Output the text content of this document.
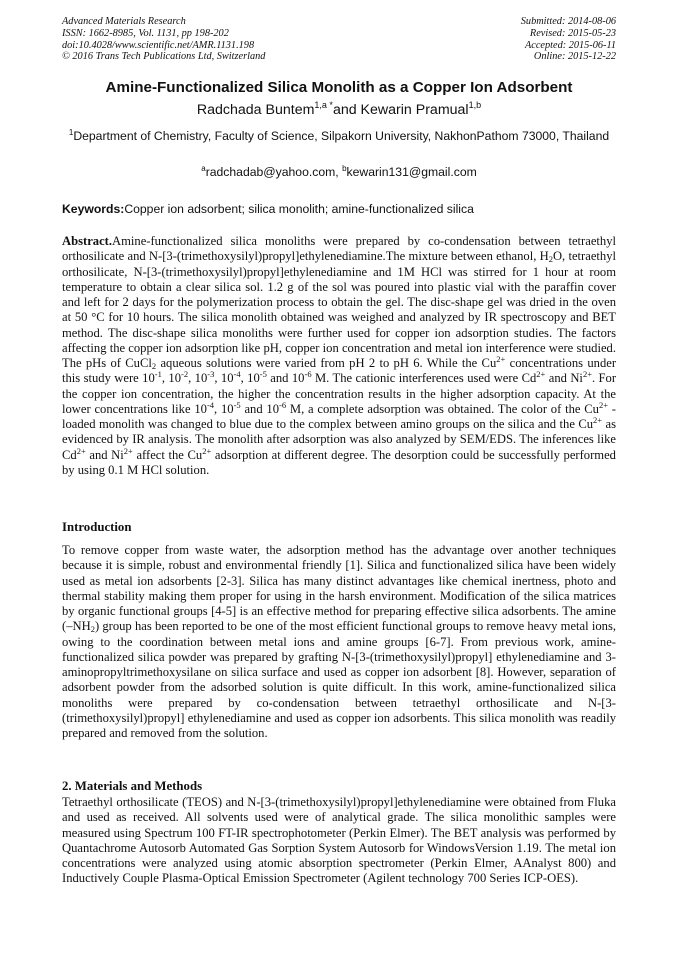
Advanced Materials Research
ISSN: 1662-8985, Vol. 1131, pp 198-202
doi:10.4028/www.scientific.net/AMR.1131.198
© 2016 Trans Tech Publications Ltd, Switzerland
Submitted: 2014-08-06
Revised: 2015-05-23
Accepted: 2015-06-11
Online: 2015-12-22
Amine-Functionalized Silica Monolith as a Copper Ion Adsorbent
Radchada Buntem$^{1,a *}$and Kewarin Pramual$^{1,b}$
$^1$Department of Chemistry, Faculty of Science, Silpakorn University, NakhonPathom 73000, Thailand
$^a$radchadab@yahoo.com, $^b$kewarin131@gmail.com
Keywords:Copper ion adsorbent; silica monolith; amine-functionalized silica
Abstract.Amine-functionalized silica monoliths were prepared by co-condensation between tetraethyl orthosilicate and N-[3-(trimethoxysilyl)propyl]ethylenediamine.The mixture between ethanol, $H_2O$, tetraethyl orthosilicate, N-[3-(trimethoxysilyl)propyl]ethylenediamine and 1M HCl was stirred for 1 hour at room temperature to obtain a clear silica sol. 1.2 g of the sol was poured into plastic vial with the paraffin cover and left for 2 days for the polymerization process to obtain the gel. The disc-shape gel was dried in the oven at 50 °C for 10 hours. The silica monolith obtained was weighed and analyzed by IR spectroscopy and BET method. The disc-shape silica monoliths were further used for copper ion adsorption studies. The factors affecting the copper ion adsorption like pH, copper ion concentration and metal ion interference were studied. The pHs of CuCl$_2$ aqueous solutions were varied from pH 2 to pH 6. While the $Cu^{2+}$ concentrations under this study were $10^{-1}$, $10^{-2}$, $10^{-3}$, $10^{-4}$, $10^{-5}$ and $10^{-6}$ M. The cationic interferences used were $Cd^{2+}$ and $Ni^{2+}$. For the copper ion concentration, the higher the concentration results in the higher adsorption capacity. At the lower concentrations like $10^{-4}$, $10^{-5}$ and $10^{-6}$ M, a complete adsorption was obtained. The color of the $Cu^{2+}$ - loaded monolith was changed to blue due to the complex between amino groups on the silica and the $Cu^{2+}$ as evidenced by IR analysis. The monolith after adsorption was also analyzed by SEM/EDS. The inferences like $Cd^{2+}$ and $Ni^{2+}$ affect the $Cu^{2+}$ adsorption at different degree. The desorption could be successfully performed by using 0.1 M HCl solution.
Introduction
To remove copper from waste water, the adsorption method has the advantage over another techniques because it is simple, robust and environmental friendly [1]. Silica and functionalized silica have been widely used as metal ion adsorbents [2-3]. Silica has many distinct advantages like chemical inertness, photo and thermal stability making them proper for using in the harsh environment. Modification of the silica matrices by organic functional groups [4-5] is an effective method for preparing effective silica adsorbents. The amine $(-NH_2)$ group has been reported to be one of the most efficient functional groups to remove heavy metal ions, owing to the coordination between metal ions and amine groups [6-7]. From previous work, amine-functionalized silica powder was prepared by grafting N-[3-(trimethoxysilyl)propyl] ethylenediamine and 3-aminopropyltrimethoxysilane on silica surface and used as copper ion adsorbent [8]. However, separation of adsorbent powder from the adsorbed solution is quite difficult. In this work, amine-functionalized silica monoliths were prepared by co-condensation between tetraethyl orthosilicate and N-[3-(trimethoxysilyl)propyl] ethylenediamine and used as copper ion adsorbents. This silica monolith was readily prepared and removed from the solution.
2. Materials and Methods
Tetraethyl orthosilicate (TEOS) and N-[3-(trimethoxysilyl)propyl]ethylenediamine were obtained from Fluka and used as received. All solvents used were of analytical grade. The silica monolithic samples were measured using Spectrum 100 FT-IR spectrophotometer (Perkin Elmer). The BET analysis was performed by Quantachrome Autosorb Automated Gas Sorption System Autosorb for WindowsVersion 1.19. The metal ion concentrations were analyzed using atomic absorption spectrometer (Perkin Elmer, AAnalyst 800) and Inductively Couple Plasma-Optical Emission Spectrometer (Agilent technology 700 Series ICP-OES).
